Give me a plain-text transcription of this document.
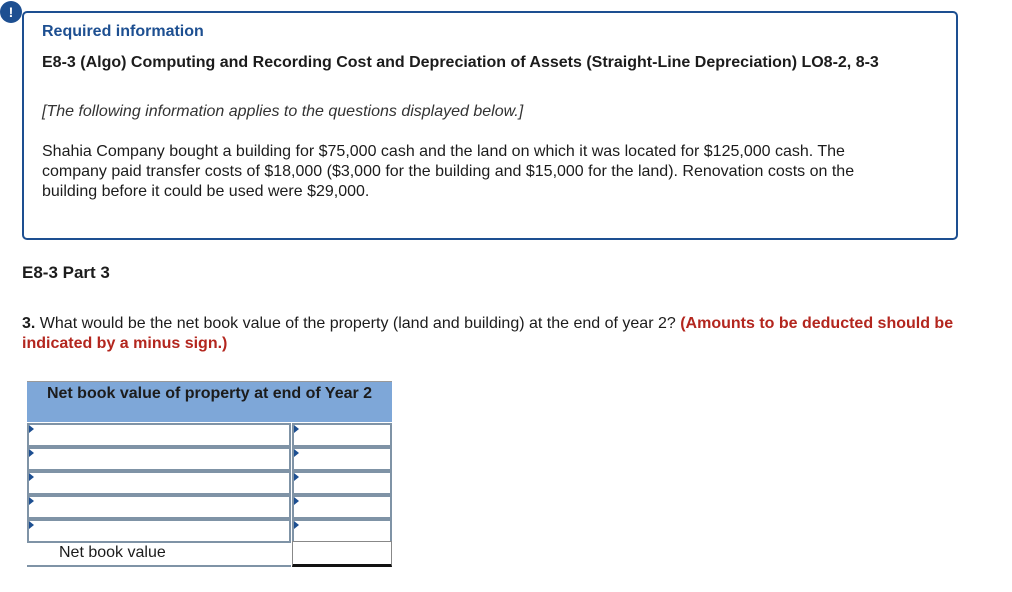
!
Required information
E8-3 (Algo) Computing and Recording Cost and Depreciation of Assets (Straight-Line Depreciation) LO8-2, 8-3
[The following information applies to the questions displayed below.]
Shahia Company bought a building for $75,000 cash and the land on which it was located for $125,000 cash. The company paid transfer costs of $18,000 ($3,000 for the building and $15,000 for the land). Renovation costs on the building before it could be used were $29,000.
E8-3 Part 3
3. What would be the net book value of the property (land and building) at the end of year 2? (Amounts to be deducted should be indicated by a minus sign.)
Net book value of property at end of Year 2
Net book value
